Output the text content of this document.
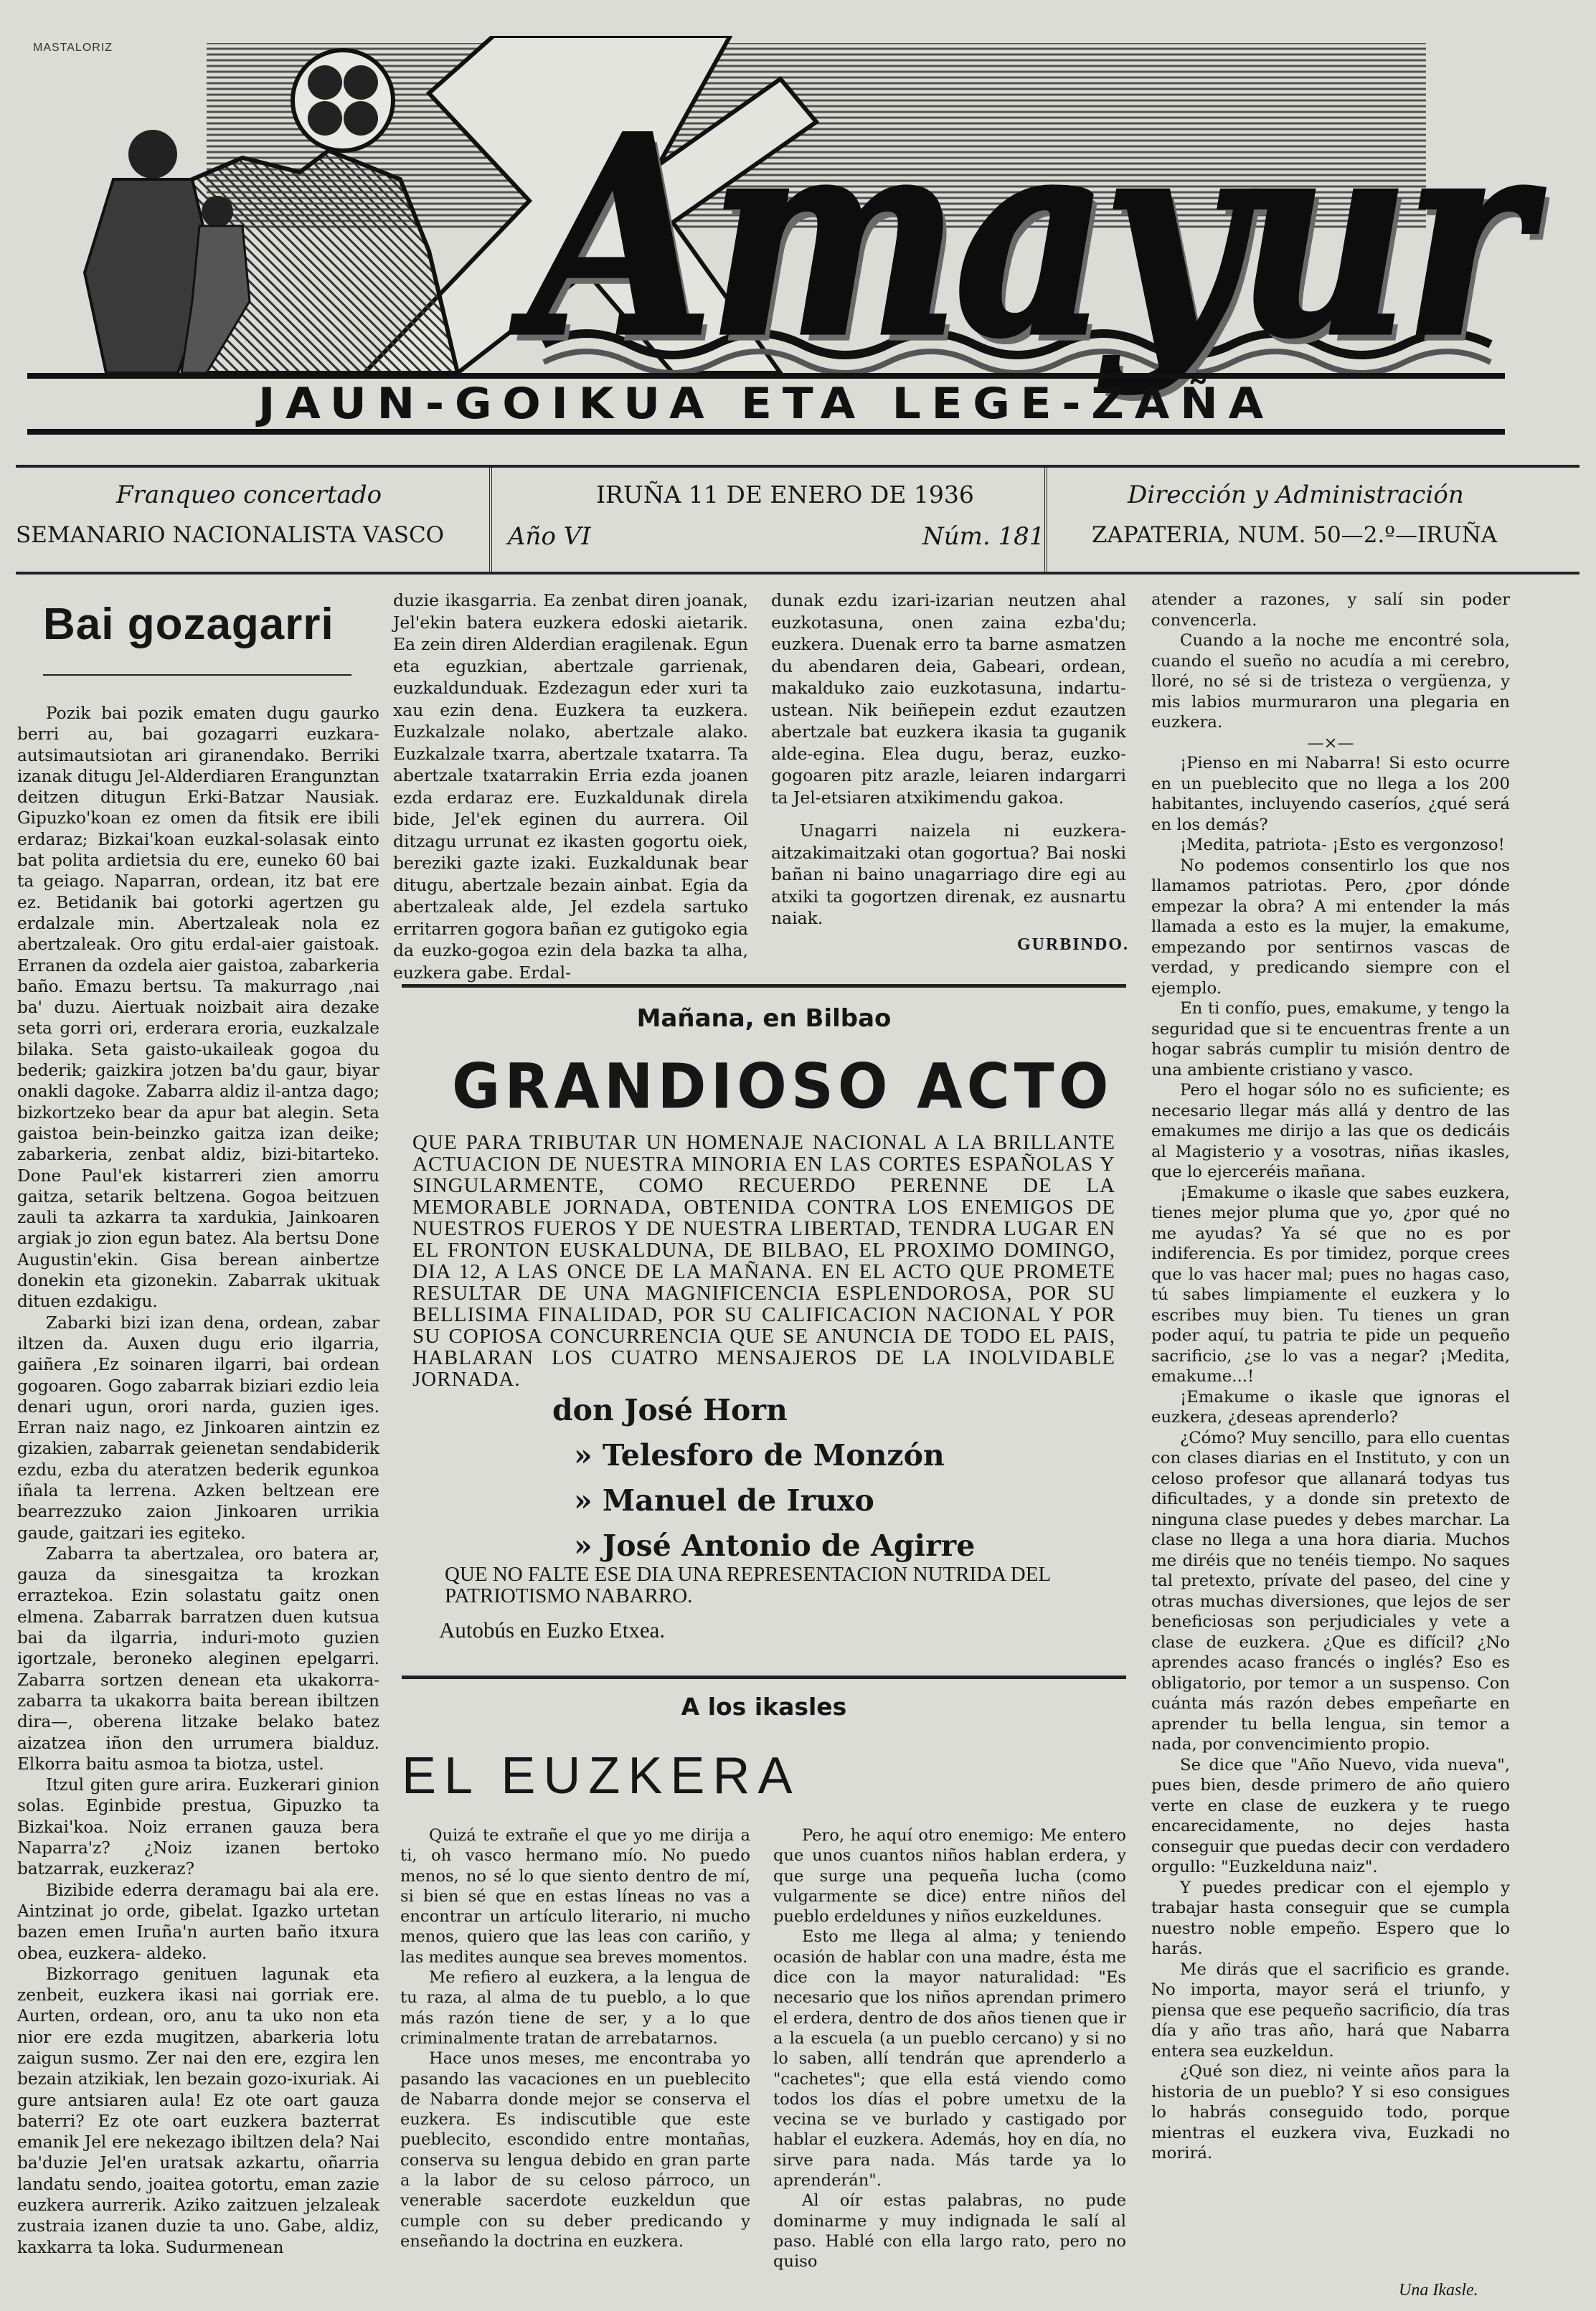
MASTALORIZ
Amayur
JAUN-GOIKUA ETA LEGE-ZAÑA
Franqueo concertado
SEMANARIO NACIONALISTA VASCO
IRUÑA 11 DE ENERO DE 1936
Año VI	Núm. 181
Dirección y Administración
ZAPATERIA, NUM. 50—2.º—IRUÑA
Bai gozagarri

Pozik bai pozik ematen dugu gaurko berri au, bai gozagarri euzkara-autsimautsiotan ari giranendako. Berriki izanak ditugu Jel-Alderdiaren Erangunztan deitzen ditugun Erki-Batzar Nausiak. Gipuzko'koan ez omen da fitsik ere ibili erdaraz; Bizkai'koan euzkal-solasak einto bat polita ardietsia du ere, euneko 60 bai ta geiago. Naparran, ordean, itz bat ere ez. Betidanik bai gotorki agertzen gu erdalzale min. Abertzaleak nola ez abertzaleak. Oro gitu erdal-aier gaistoak. Erranen da ozdela aier gaistoa, zabarkeria baño. Emazu bertsu. Ta makurrago ,nai ba' duzu. Aiertuak noizbait aira dezake seta gorri ori, erderara eroria, euzkalzale bilaka. Seta gaisto-ukaileak gogoa du bederik; gaizkira jotzen ba'du gaur, biyar onakli dagoke. Zabarra aldiz il-antza dago; bizkortzeko bear da apur bat alegin. Seta gaistoa bein-beinzko gaitza izan deike; zabarkeria, zenbat aldiz, bizi-bitarteko. Done Paul'ek kistarreri zien amorru gaitza, setarik beltzena. Gogoa beitzuen zauli ta azkarra ta xardukia, Jainkoaren argiak jo zion egun batez. Ala bertsu Done Augustin'ekin. Gisa berean ainbertze donekin eta gizonekin. Zabarrak ukituak dituen ezdakigu.

Zabarki bizi izan dena, ordean, zabar iltzen da. Auxen dugu erio ilgarria, gaiñera ,Ez soinaren ilgarri, bai ordean gogoaren. Gogo zabarrak biziari ezdio leia denari ugun, orori narda, guzien iges. Erran naiz nago, ez Jinkoaren aintzin ez gizakien, zabarrak geienetan sendabiderik ezdu, ezba du ateratzen bederik egunkoa iñala ta lerrena. Azken beltzean ere bearrezzuko zaion Jinkoaren urrikia gaude, gaitzari ies egiteko.

Zabarra ta abertzalea, oro batera ar, gauza da sinesgaitza ta krozkan erraztekoa. Ezin solastatu gaitz onen elmena. Zabarrak barratzen duen kutsua bai da ilgarria, induri-moto guzien igortzale, beroneko aleginen epelgarri. Zabarra sortzen denean eta ukakorra-zabarra ta ukakorra baita berean ibiltzen dira—, oberena litzake belako batez aizatzea iñon den urrumera bialduz. Elkorra baitu asmoa ta biotza, ustel.

Itzul giten gure arira. Euzkerari ginion solas. Eginbide prestua, Gipuzko ta Bizkai'koa. Noiz erranen gauza bera Naparra'z? ¿Noiz izanen bertoko batzarrak, euzkeraz?

Bizibide ederra deramagu bai ala ere. Aintzinat jo orde, gibelat. Igazko urtetan bazen emen Iruña'n aurten baño itxura obea, euzkera- aldeko.

Bizkorrago genituen lagunak eta zenbeit, euzkera ikasi nai gorriak ere. Aurten, ordean, oro, anu ta uko non eta nior ere ezda mugitzen, abarkeria lotu zaigun susmo. Zer nai den ere, ezgira len bezain atzikiak, len bezain gozo-ixuriak. Ai gure antsiaren aula! Ez ote oart gauza baterri? Ez ote oart euzkera bazterrat emanik Jel ere nekezago ibiltzen dela? Nai ba'duzie Jel'en uratsak azkartu, oñarria landatu sendo, joaitea gotortu, eman zazie euzkera aurrerik. Aziko zaitzuen jelzaleak zustraia izanen duzie ta uno. Gabe, aldiz, kaxkarra ta loka. Sudurmenean

duzie ikasgarria. Ea zenbat diren joanak, Jel'ekin batera euzkera edoski aietarik. Ea zein diren Alderdian eragilenak. Egun eta eguzkian, abertzale garrienak, euzkaldunduak. Ezdezagun eder xuri ta xau ezin dena. Euzkera ta euzkera. Euzkalzale nolako, abertzale alako. Euzkalzale txarra, abertzale txatarra. Ta abertzale txatarrakin Erria ezda joanen ezda erdaraz ere. Euzkaldunak direla bide, Jel'ek eginen du aurrera. Oil ditzagu urrunat ez ikasten gogortu oiek, bereziki gazte izaki. Euzkaldunak bear ditugu, abertzale bezain ainbat. Egia da abertzaleak alde, Jel ezdela sartuko erritarren gogora bañan ez gutigoko egia da euzko-gogoa ezin dela bazka ta alha, euzkera gabe. Erdal-

dunak ezdu izari-izarian neutzen ahal euzkotasuna, onen zaina ezba'du; euzkera. Duenak erro ta barne asmatzen du abendaren deia, Gabeari, ordean, makalduko zaio euzkotasuna, indartu-ustean. Nik beiñepein ezdut ezautzen abertzale bat euzkera ikasia ta guganik alde-egina. Elea dugu, beraz, euzko-gogoaren pitz arazle, leiaren indargarri ta Jel-etsiaren atxikimendu gakoa.

Unagarri naizela ni euzkera-aitzakimaitzaki otan gogortua? Bai noski bañan ni baino unagarriago dire egi au atxiki ta gogortzen direnak, ez ausnartu naiak.

GURBINDO.
Mañana, en Bilbao
GRANDIOSO ACTO
QUE PARA TRIBUTAR UN HOMENAJE NACIONAL A LA BRILLANTE ACTUACION DE NUESTRA MINORIA EN LAS CORTES ESPAÑOLAS Y SINGULARMENTE, COMO RECUERDO PERENNE DE LA MEMORABLE JORNADA, OBTENIDA CONTRA LOS ENEMIGOS DE NUESTROS FUEROS Y DE NUESTRA LIBERTAD, TENDRA LUGAR EN EL FRONTON EUSKALDUNA, DE BILBAO, EL PROXIMO DOMINGO, DIA 12, A LAS ONCE DE LA MAÑANA. EN EL ACTO QUE PROMETE RESULTAR DE UNA MAGNIFICENCIA ESPLENDOROSA, POR SU BELLISIMA FINALIDAD, POR SU CALIFICACION NACIONAL Y POR SU COPIOSA CONCURRENCIA QUE SE ANUNCIA DE TODO EL PAIS, HABLARAN LOS CUATRO MENSAJEROS DE LA INOLVIDABLE JORNADA.
don José Horn
» Telesforo de Monzón
» Manuel de Iruxo
» José Antonio de Agirre
QUE NO FALTE ESE DIA UNA REPRESENTACION NUTRIDA DEL PATRIOTISMO NABARRO.
Autobús en Euzko Etxea.
A los ikasles
EL EUZKERA

Quizá te extrañe el que yo me dirija a ti, oh vasco hermano mío. No puedo menos, no sé lo que siento dentro de mí, si bien sé que en estas líneas no vas a encontrar un artículo literario, ni mucho menos, quiero que las leas con cariño, y las medites aunque sea breves momentos.

Me refiero al euzkera, a la lengua de tu raza, al alma de tu pueblo, a lo que más razón tiene de ser, y a lo que criminalmente tratan de arrebatarnos.

Hace unos meses, me encontraba yo pasando las vacaciones en un pueblecito de Nabarra donde mejor se conserva el euzkera. Es indiscutible que este pueblecito, escondido entre montañas, conserva su lengua debido en gran parte a la labor de su celoso párroco, un venerable sacerdote euzkeldun que cumple con su deber predicando y enseñando la doctrina en euzkera.

Pero, he aquí otro enemigo: Me entero que unos cuantos niños hablan erdera, y que surge una pequeña lucha (como vulgarmente se dice) entre niños del pueblo erdeldunes y niños euzkeldunes.

Esto me llega al alma; y teniendo ocasión de hablar con una madre, ésta me dice con la mayor naturalidad: "Es necesario que los niños aprendan primero el erdera, dentro de dos años tienen que ir a la escuela (a un pueblo cercano) y si no lo saben, allí tendrán que aprenderlo a "cachetes"; que ella está viendo como todos los días el pobre umetxu de la vecina se ve burlado y castigado por hablar el euzkera. Además, hoy en día, no sirve para nada. Más tarde ya lo aprenderán".

Al oír estas palabras, no pude dominarme y muy indignada le salí al paso. Hablé con ella largo rato, pero no quiso

atender a razones, y salí sin poder convencerla.

Cuando a la noche me encontré sola, cuando el sueño no acudía a mi cerebro, lloré, no sé si de tristeza o vergüenza, y mis labios murmuraron una plegaria en euzkera.

—×—

¡Pienso en mi Nabarra! Si esto ocurre en un pueblecito que no llega a los 200 habitantes, incluyendo caseríos, ¿qué será en los demás?

¡Medita, patriota- ¡Esto es vergonzoso!

No podemos consentirlo los que nos llamamos patriotas. Pero, ¿por dónde empezar la obra? A mi entender la más llamada a esto es la mujer, la emakume, empezando por sentirnos vascas de verdad, y predicando siempre con el ejemplo.

En ti confío, pues, emakume, y tengo la seguridad que si te encuentras frente a un hogar sabrás cumplir tu misión dentro de una ambiente cristiano y vasco.

Pero el hogar sólo no es suficiente; es necesario llegar más allá y dentro de las emakumes me dirijo a las que os dedicáis al Magisterio y a vosotras, niñas ikasles, que lo ejerceréis mañana.

¡Emakume o ikasle que sabes euzkera, tienes mejor pluma que yo, ¿por qué no me ayudas? Ya sé que no es por indiferencia. Es por timidez, porque crees que lo vas hacer mal; pues no hagas caso, tú sabes limpiamente el euzkera y lo escribes muy bien. Tu tienes un gran poder aquí, tu patria te pide un pequeño sacrificio, ¿se lo vas a negar? ¡Medita, emakume...!

¡Emakume o ikasle que ignoras el euzkera, ¿deseas aprenderlo?

¿Cómo? Muy sencillo, para ello cuentas con clases diarias en el Instituto, y con un celoso profesor que allanará todyas tus dificultades, y a donde sin pretexto de ninguna clase puedes y debes marchar. La clase no llega a una hora diaria. Muchos me diréis que no tenéis tiempo. No saques tal pretexto, prívate del paseo, del cine y otras muchas diversiones, que lejos de ser beneficiosas son perjudiciales y vete a clase de euzkera. ¿Que es difícil? ¿No aprendes acaso francés o inglés? Eso es obligatorio, por temor a un suspenso. Con cuánta más razón debes empeñarte en aprender tu bella lengua, sin temor a nada, por convencimiento propio.

Se dice que "Año Nuevo, vida nueva", pues bien, desde primero de año quiero verte en clase de euzkera y te ruego encarecidamente, no dejes hasta conseguir que puedas decir con verdadero orgullo: "Euzkelduna naiz".

Y puedes predicar con el ejemplo y trabajar hasta conseguir que se cumpla nuestro noble empeño. Espero que lo harás.

Me dirás que el sacrificio es grande. No importa, mayor será el triunfo, y piensa que ese pequeño sacrificio, día tras día y año tras año, hará que Nabarra entera sea euzkeldun.

¿Qué son diez, ni veinte años para la historia de un pueblo? Y si eso consigues lo habrás conseguido todo, porque mientras el euzkera viva, Euzkadi no morirá.

Una Ikasle.
